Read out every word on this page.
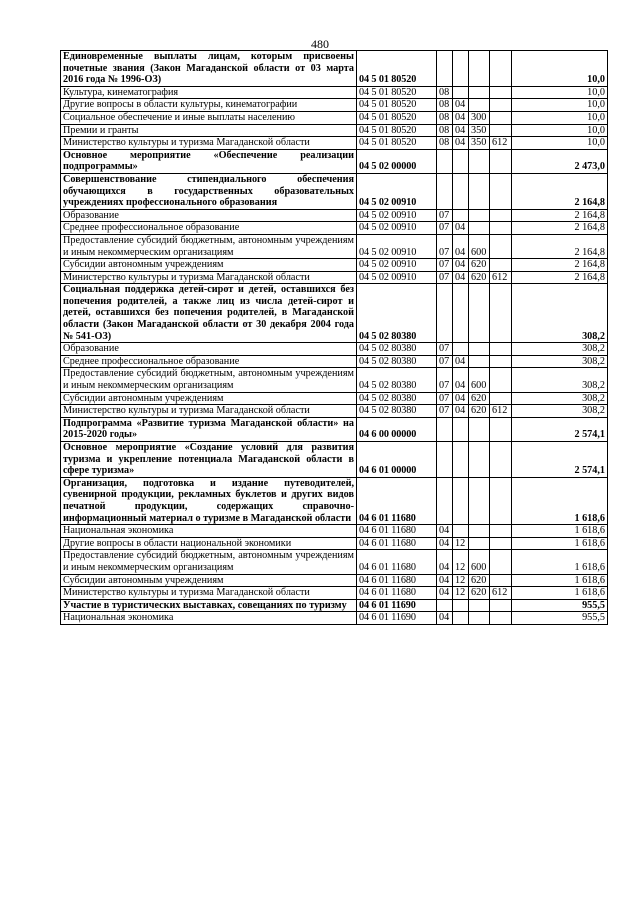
480
Единовременные выплаты лицам, которым присвоены почетные звания (Закон Магаданской области от 03 марта 2016 года № 1996-ОЗ)	04 5 01 80520					10,0
Культура, кинематография	04 5 01 80520	08				10,0
Другие вопросы в области культуры, кинематографии	04 5 01 80520	08	04			10,0
Социальное обеспечение и иные выплаты населению	04 5 01 80520	08	04	300		10,0
Премии и гранты	04 5 01 80520	08	04	350		10,0
Министерство культуры и туризма Магаданской области	04 5 01 80520	08	04	350	612	10,0
Основное мероприятие «Обеспечение реализации подпрограммы»	04 5 02 00000					2 473,0
Совершенствование стипендиального обеспечения обучающихся в государственных образовательных учреждениях профессионального образования	04 5 02 00910					2 164,8
Образование	04 5 02 00910	07				2 164,8
Среднее профессиональное образование	04 5 02 00910	07	04			2 164,8
Предоставление субсидий бюджетным, автономным учреждениям и иным некоммерческим организациям	04 5 02 00910	07	04	600		2 164,8
Субсидии автономным учреждениям	04 5 02 00910	07	04	620		2 164,8
Министерство культуры и туризма Магаданской области	04 5 02 00910	07	04	620	612	2 164,8
Социальная поддержка детей-сирот и детей, оставшихся без попечения родителей, а также лиц из числа детей-сирот и детей, оставшихся без попечения родителей, в Магаданской области (Закон Магаданской области от 30 декабря 2004 года № 541-ОЗ)	04 5 02 80380					308,2
Образование	04 5 02 80380	07				308,2
Среднее профессиональное образование	04 5 02 80380	07	04			308,2
Предоставление субсидий бюджетным, автономным учреждениям и иным некоммерческим организациям	04 5 02 80380	07	04	600		308,2
Субсидии автономным учреждениям	04 5 02 80380	07	04	620		308,2
Министерство культуры и туризма Магаданской области	04 5 02 80380	07	04	620	612	308,2
Подпрограмма «Развитие туризма Магаданской области» на 2015-2020 годы»	04 6 00 00000					2 574,1
Основное мероприятие «Создание условий для развития туризма и укрепление потенциала Магаданской области в сфере туризма»	04 6 01 00000					2 574,1
Организация, подготовка и издание путеводителей, сувенирной продукции, рекламных буклетов и других видов печатной продукции, содержащих справочно-информационный материал о туризме в Магаданской области	04 6 01 11680					1 618,6
Национальная экономика	04 6 01 11680	04				1 618,6
Другие вопросы в области национальной экономики	04 6 01 11680	04	12			1 618,6
Предоставление субсидий бюджетным, автономным учреждениям и иным некоммерческим организациям	04 6 01 11680	04	12	600		1 618,6
Субсидии автономным учреждениям	04 6 01 11680	04	12	620		1 618,6
Министерство культуры и туризма Магаданской области	04 6 01 11680	04	12	620	612	1 618,6
Участие в туристических выставках, совещаниях по туризму	04 6 01 11690					955,5
Национальная экономика	04 6 01 11690	04				955,5
